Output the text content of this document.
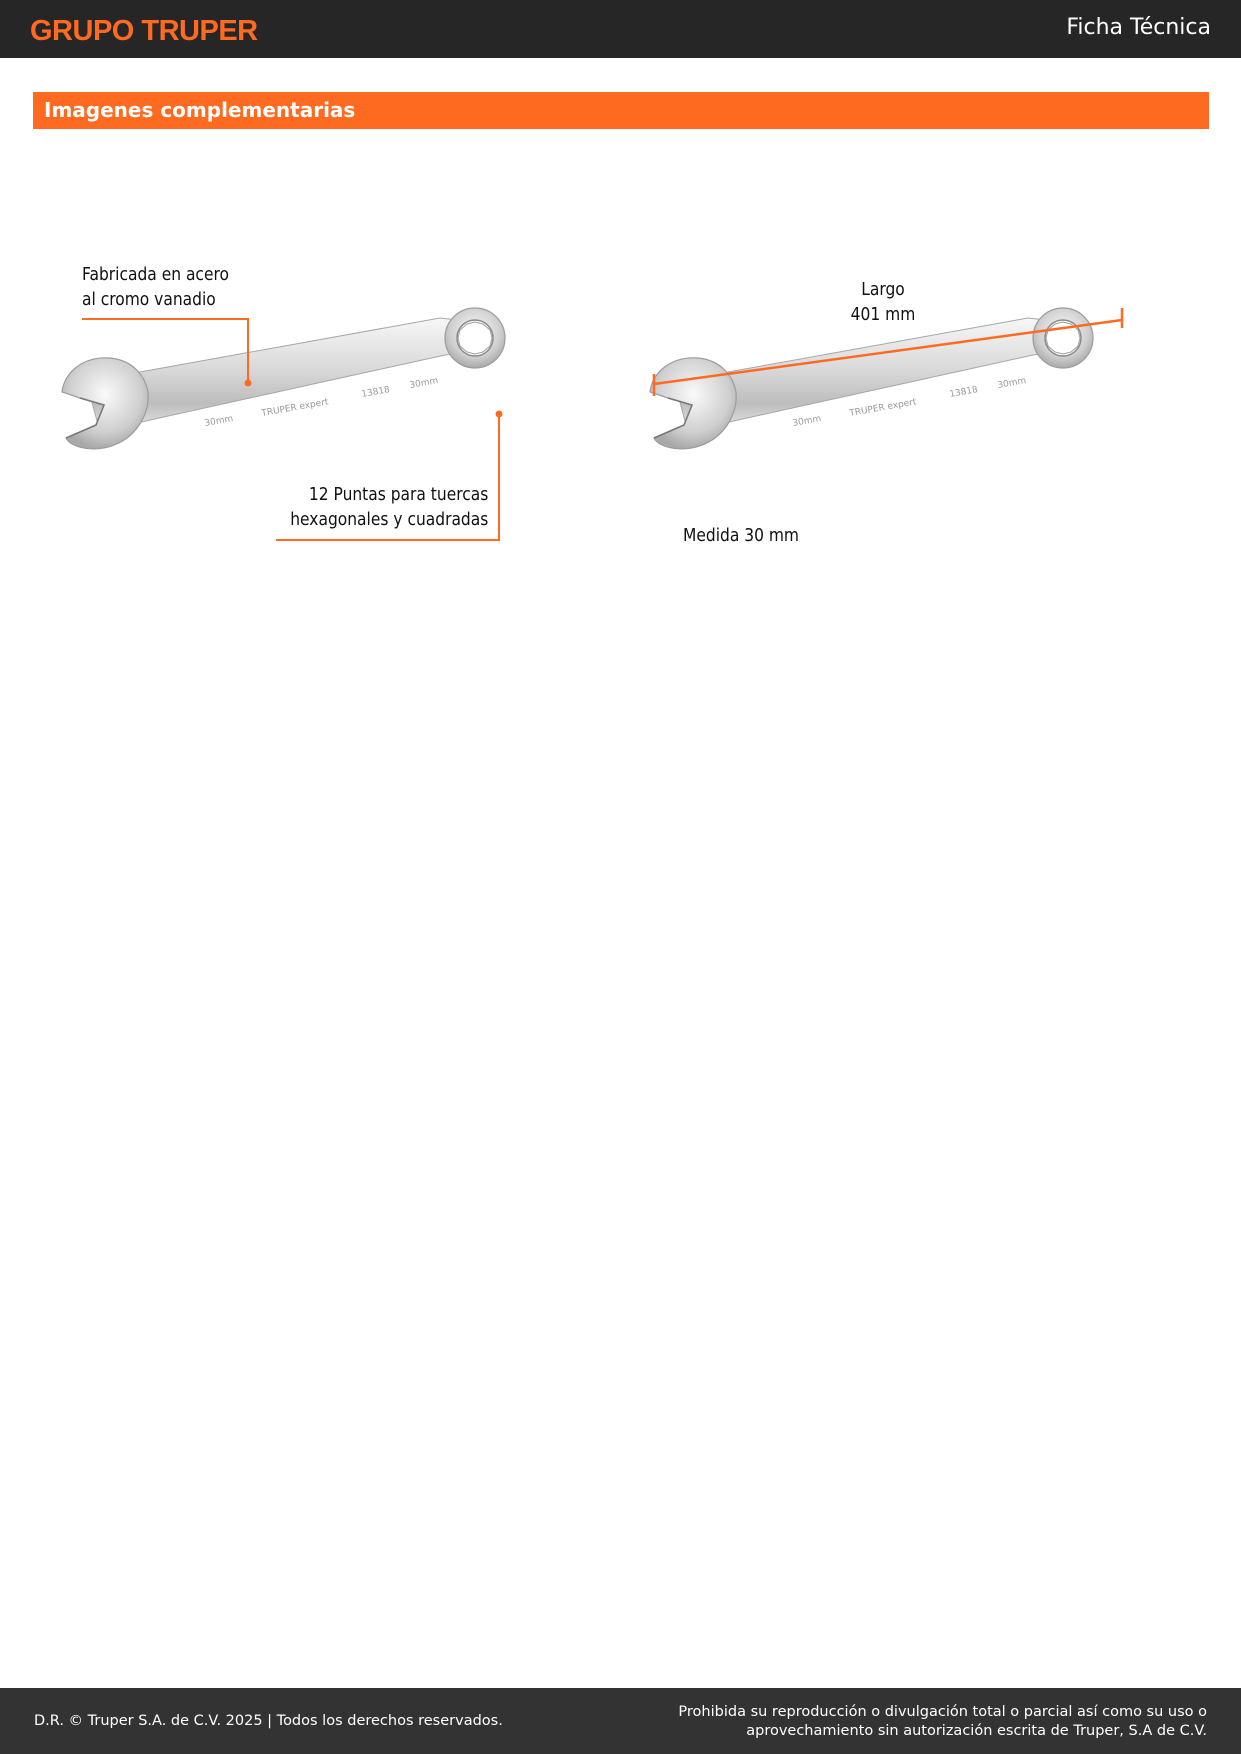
GRUPO TRUPER	Ficha Técnica
Imagenes complementarias
30mm
TRUPER expert
13818
30mm
30mm
TRUPER expert
13818
30mm
Fabricada en acero
al cromo vanadio
12 Puntas para tuercas
hexagonales y cuadradas
Largo
401 mm
Medida 30 mm
D.R. © Truper S.A. de C.V. 2025 | Todos los derechos reservados.
Prohibida su reproducción o divulgación total o parcial así como su uso o
aprovechamiento sin autorización escrita de Truper, S.A de C.V.
